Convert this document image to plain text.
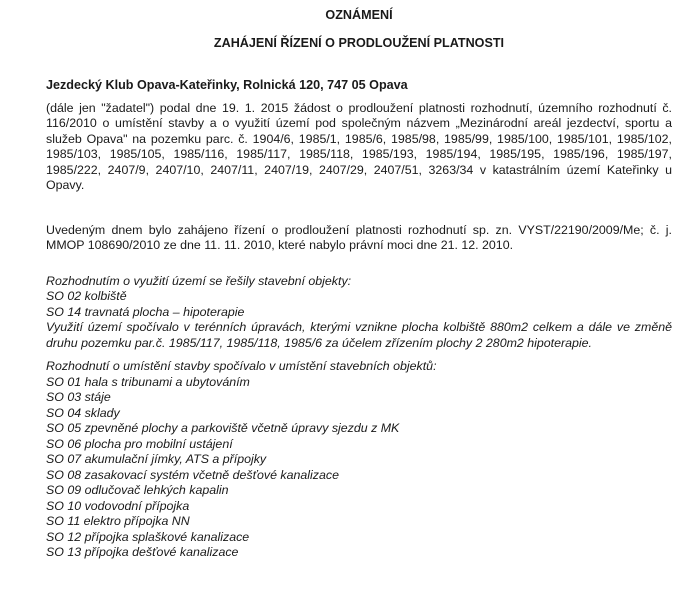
OZNÁMENÍ

ZAHÁJENÍ ŘÍZENÍ O PRODLOUŽENÍ PLATNOSTI

Jezdecký Klub Opava-Kateřinky, Rolnická 120, 747 05 Opava

(dále jen "žadatel") podal dne 19. 1. 2015 žádost o prodloužení platnosti rozhodnutí, územního rozhodnutí č. 116/2010 o umístění stavby a o využití území pod společným názvem „Mezinárodní areál jezdectví, sportu a služeb Opava" na pozemku parc. č. 1904/6, 1985/1, 1985/6, 1985/98, 1985/99, 1985/100, 1985/101, 1985/102, 1985/103, 1985/105, 1985/116, 1985/117, 1985/118, 1985/193, 1985/194, 1985/195, 1985/196, 1985/197, 1985/222, 2407/9, 2407/10, 2407/11, 2407/19, 2407/29, 2407/51, 3263/34 v katastrálním území Kateřinky u Opavy.

Uvedeným dnem bylo zahájeno řízení o prodloužení platnosti rozhodnutí sp. zn. VYST/22190/2009/Me; č. j. MMOP 108690/2010 ze dne 11. 11. 2010, které nabylo právní moci dne 21. 12. 2010.

Rozhodnutím o využití území se řešily stavební objekty:
SO 02 kolbiště
SO 14 travnatá plocha – hipoterapie
Využití území spočívalo v terénních úpravách, kterými vznikne plocha kolbiště 880m2 celkem a dále ve změně druhu pozemku par.č. 1985/117, 1985/118, 1985/6 za účelem zřízením plochy 2 280m2 hipoterapie.
Rozhodnutí o umístění stavby spočívalo v umístění stavebních objektů:
SO 01 hala s tribunami a ubytováním
SO 03 stáje
SO 04 sklady
SO 05 zpevněné plochy a parkoviště včetně úpravy sjezdu z MK
SO 06 plocha pro mobilní ustájení
SO 07 akumulační jímky, ATS a přípojky
SO 08 zasakovací systém včetně dešťové kanalizace
SO 09 odlučovač lehkých kapalin
SO 10 vodovodní přípojka
SO 11 elektro přípojka NN
SO 12 přípojka splaškové kanalizace
SO 13 přípojka dešťové kanalizace
